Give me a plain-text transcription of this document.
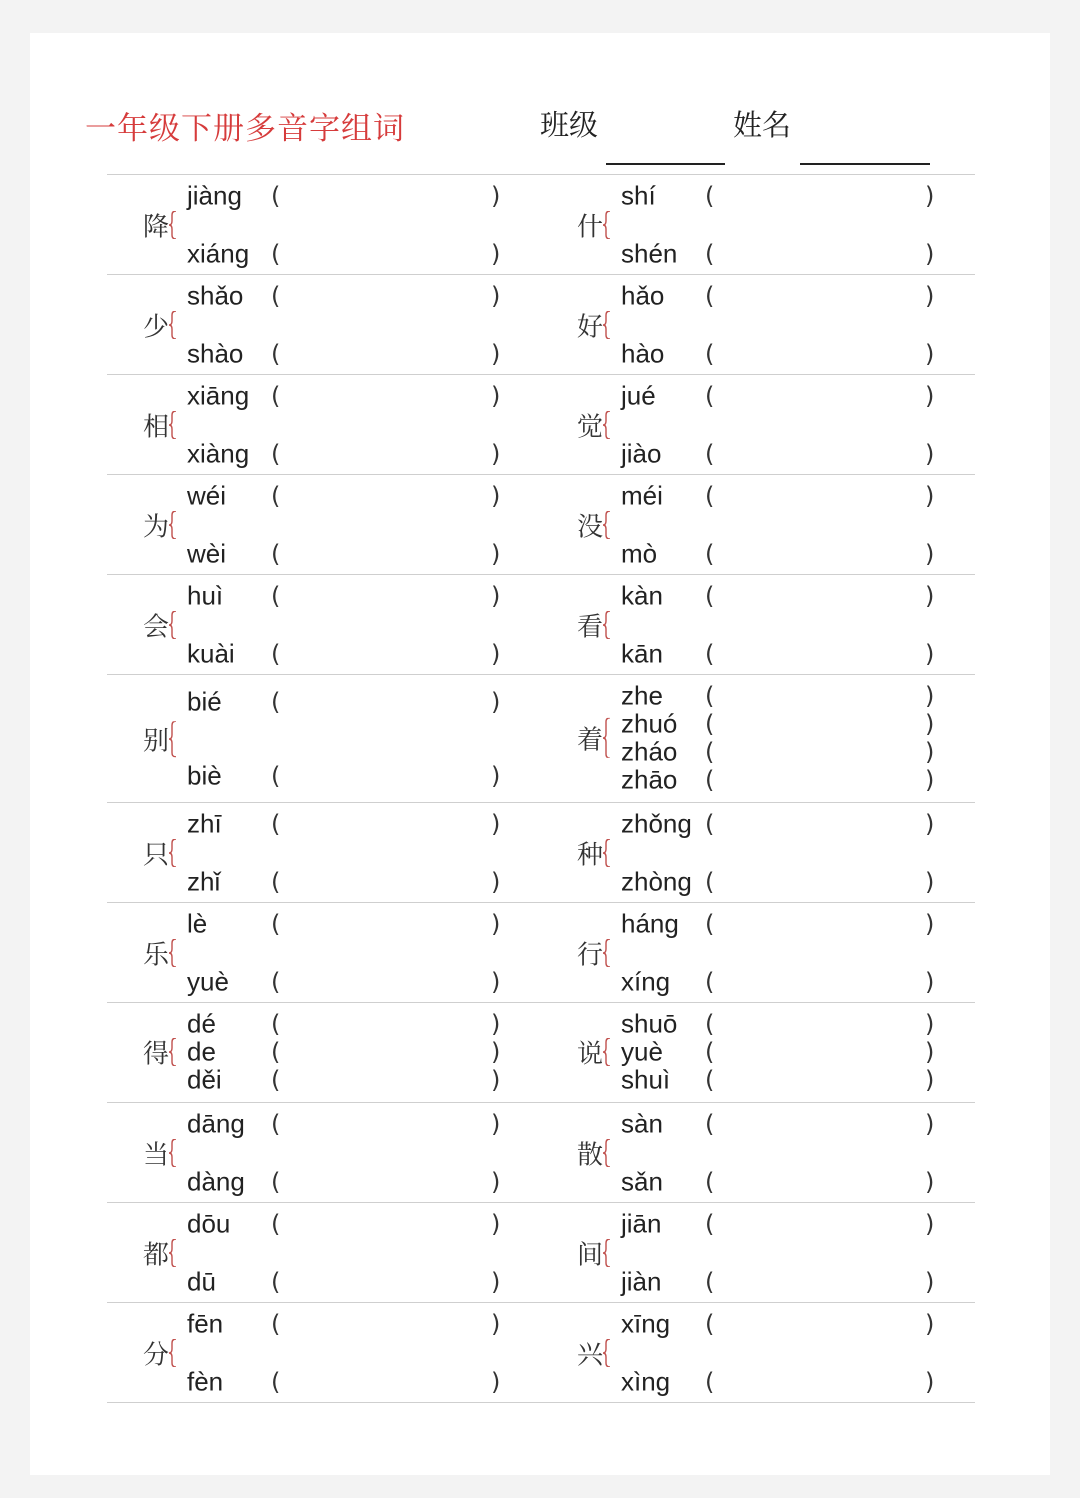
一年级下册多音字组词	班级	姓名
降
jiàng (	)
xiáng (	)
什
shí (	)
shén (	)
少
shǎo (	)
shào (	)
好
hǎo (	)
hào (	)
相
xiāng (	)
xiàng (	)
觉
jué (	)
jiào (	)
为
wéi (	)
wèi (	)
没
méi (	)
mò (	)
会
huì (	)
kuài (	)
看
kàn (	)
kān (	)
别
bié (	)
biè (	)
着
zhe (	)
zhuó (	)
zháo (	)
zhāo (	)
只
zhī (	)
zhǐ (	)
种
zhǒng (	)
zhòng (	)
乐
lè	(	)
yuè (	)
行
háng (	)
xíng (	)
得
dé (	)
de (	)
děi (	)
说
shuō (	)
yuè (	)
shuì (	)
当
dāng (	)
dàng (	)
散
sàn (	)
sǎn (	)
都
dōu (	)
dū (	)
间
jiān (	)
jiàn (	)
分
fēn (	)
fèn (	)
兴
xīng (	)
xìng (	)
